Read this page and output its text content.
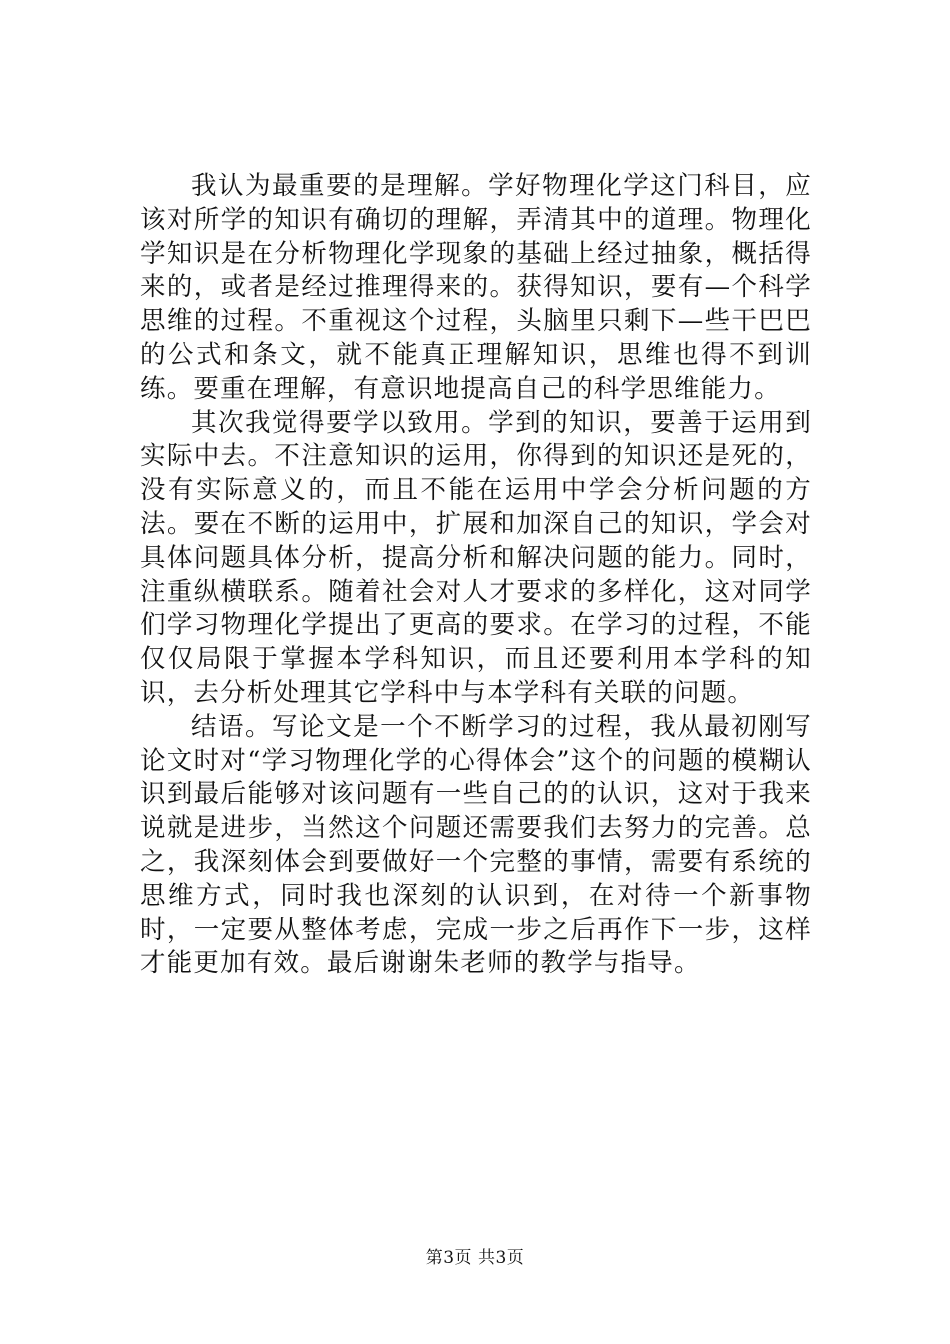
我认为最重要的是理解。学好物理化学这门科目，应该对所学的知识有确切的理解，弄清其中的道理。物理化学知识是在分析物理化学现象的基础上经过抽象，概括得来的，或者是经过推理得来的。获得知识，要有—个科学思维的过程。不重视这个过程，头脑里只剩下—些干巴巴的公式和条文，就不能真正理解知识，思维也得不到训练。要重在理解，有意识地提高自己的科学思维能力。

其次我觉得要学以致用。学到的知识，要善于运用到实际中去。不注意知识的运用，你得到的知识还是死的，没有实际意义的，而且不能在运用中学会分析问题的方法。要在不断的运用中，扩展和加深自己的知识，学会对具体问题具体分析，提高分析和解决问题的能力。同时，注重纵横联系。随着社会对人才要求的多样化，这对同学们学习物理化学提出了更高的要求。在学习的过程，不能仅仅局限于掌握本学科知识，而且还要利用本学科的知识，去分析处理其它学科中与本学科有关联的问题。

结语。写论文是一个不断学习的过程，我从最初刚写论文时对“学习物理化学的心得体会”这个的问题的模糊认识到最后能够对该问题有一些自己的的认识，这对于我来说就是进步，当然这个问题还需要我们去努力的完善。总之，我深刻体会到要做好一个完整的事情，需要有系统的思维方式，同时我也深刻的认识到，在对待一个新事物时，一定要从整体考虑，完成一步之后再作下一步，这样才能更加有效。最后谢谢朱老师的教学与指导。

第3页 共3页
